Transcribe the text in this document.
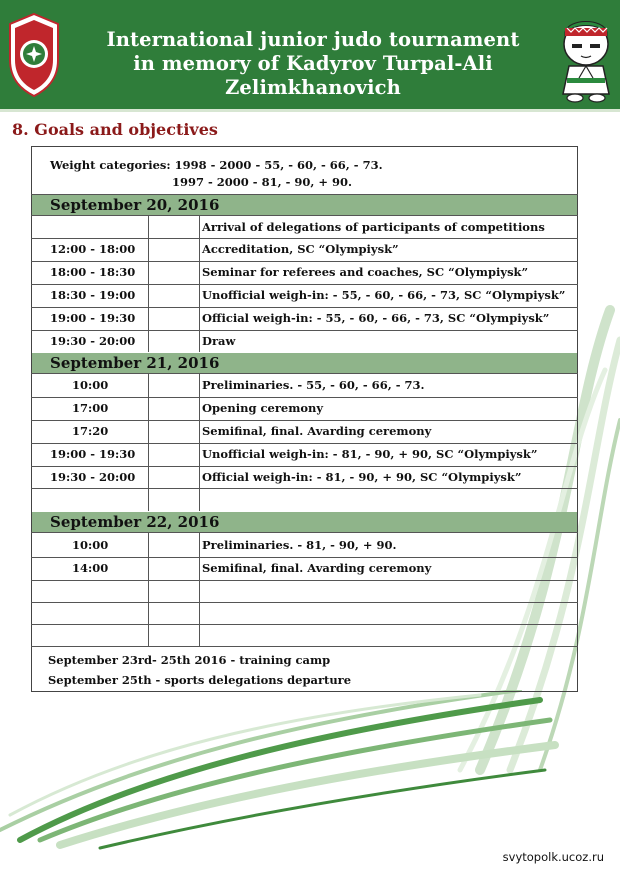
International junior judo tournament
in memory of Kadyrov Turpal-Ali Zelimkhanovich
8. Goals and objectives
Weight categories: 1998 - 2000 - 55, - 60, - 66, - 73.
1997 - 2000 - 81, - 90, + 90.
September 20, 2016
Arrival of delegations of participants of competitions
12:00 - 18:00	Accreditation, SC “Olympiysk”
18:00 - 18:30	Seminar for referees and coaches, SC “Olympiysk”
18:30 - 19:00	Unofficial weigh-in: - 55, - 60, - 66, - 73, SC “Olympiysk”
19:00 - 19:30	Official weigh-in: - 55, - 60, - 66, - 73, SC “Olympiysk”
19:30 - 20:00	Draw
September 21, 2016
10:00	Preliminaries. - 55, - 60, - 66, - 73.
17:00	Opening ceremony
17:20	Semifinal, final. Avarding ceremony
19:00 - 19:30	Unofficial weigh-in: - 81, - 90, + 90, SC “Olympiysk”
19:30 - 20:00	Official weigh-in: - 81, - 90, + 90, SC “Olympiysk”
September 22, 2016
10:00	Preliminaries. - 81, - 90, + 90.
14:00	Semifinal, final. Avarding ceremony
September 23rd- 25th 2016 - training camp
September 25th - sports delegations departure
svytopolk.ucoz.ru
